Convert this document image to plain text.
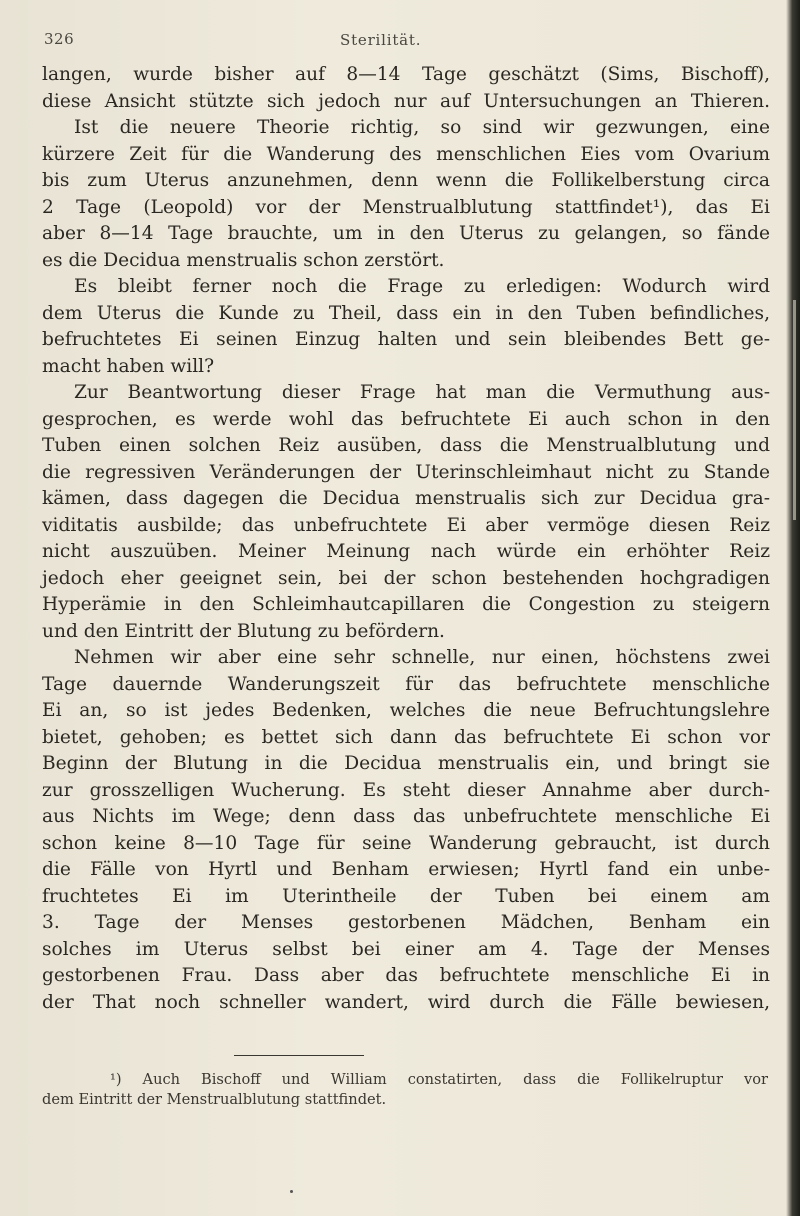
326	Sterilität.
langen, wurde bisher auf 8—14 Tage geschätzt (Sims, Bischoff),
diese Ansicht stützte sich jedoch nur auf Untersuchungen an Thieren.
Ist die neuere Theorie richtig, so sind wir gezwungen, eine
kürzere Zeit für die Wanderung des menschlichen Eies vom Ovarium
bis zum Uterus anzunehmen, denn wenn die Follikelberstung circa
2 Tage (Leopold) vor der Menstrualblutung stattfindet¹), das Ei
aber 8—14 Tage brauchte, um in den Uterus zu gelangen, so fände
es die Decidua menstrualis schon zerstört.
Es bleibt ferner noch die Frage zu erledigen: Wodurch wird
dem Uterus die Kunde zu Theil, dass ein in den Tuben befindliches,
befruchtetes Ei seinen Einzug halten und sein bleibendes Bett ge-
macht haben will?
Zur Beantwortung dieser Frage hat man die Vermuthung aus-
gesprochen, es werde wohl das befruchtete Ei auch schon in den
Tuben einen solchen Reiz ausüben, dass die Menstrualblutung und
die regressiven Veränderungen der Uterinschleimhaut nicht zu Stande
kämen, dass dagegen die Decidua menstrualis sich zur Decidua gra-
viditatis ausbilde; das unbefruchtete Ei aber vermöge diesen Reiz
nicht auszuüben. Meiner Meinung nach würde ein erhöhter Reiz
jedoch eher geeignet sein, bei der schon bestehenden hochgradigen
Hyperämie in den Schleimhautcapillaren die Congestion zu steigern
und den Eintritt der Blutung zu befördern.
Nehmen wir aber eine sehr schnelle, nur einen, höchstens zwei
Tage dauernde Wanderungszeit für das befruchtete menschliche
Ei an, so ist jedes Bedenken, welches die neue Befruchtungslehre
bietet, gehoben; es bettet sich dann das befruchtete Ei schon vor
Beginn der Blutung in die Decidua menstrualis ein, und bringt sie
zur grosszelligen Wucherung. Es steht dieser Annahme aber durch-
aus Nichts im Wege; denn dass das unbefruchtete menschliche Ei
schon keine 8—10 Tage für seine Wanderung gebraucht, ist durch
die Fälle von Hyrtl und Benham erwiesen; Hyrtl fand ein unbe-
fruchtetes Ei im Uterintheile der Tuben bei einem am
3. Tage der Menses gestorbenen Mädchen, Benham ein
solches im Uterus selbst bei einer am 4. Tage der Menses
gestorbenen Frau. Dass aber das befruchtete menschliche Ei in
der That noch schneller wandert, wird durch die Fälle bewiesen,
¹) Auch Bischoff und William constatirten, dass die Follikelruptur vor
dem Eintritt der Menstrualblutung stattfindet.
